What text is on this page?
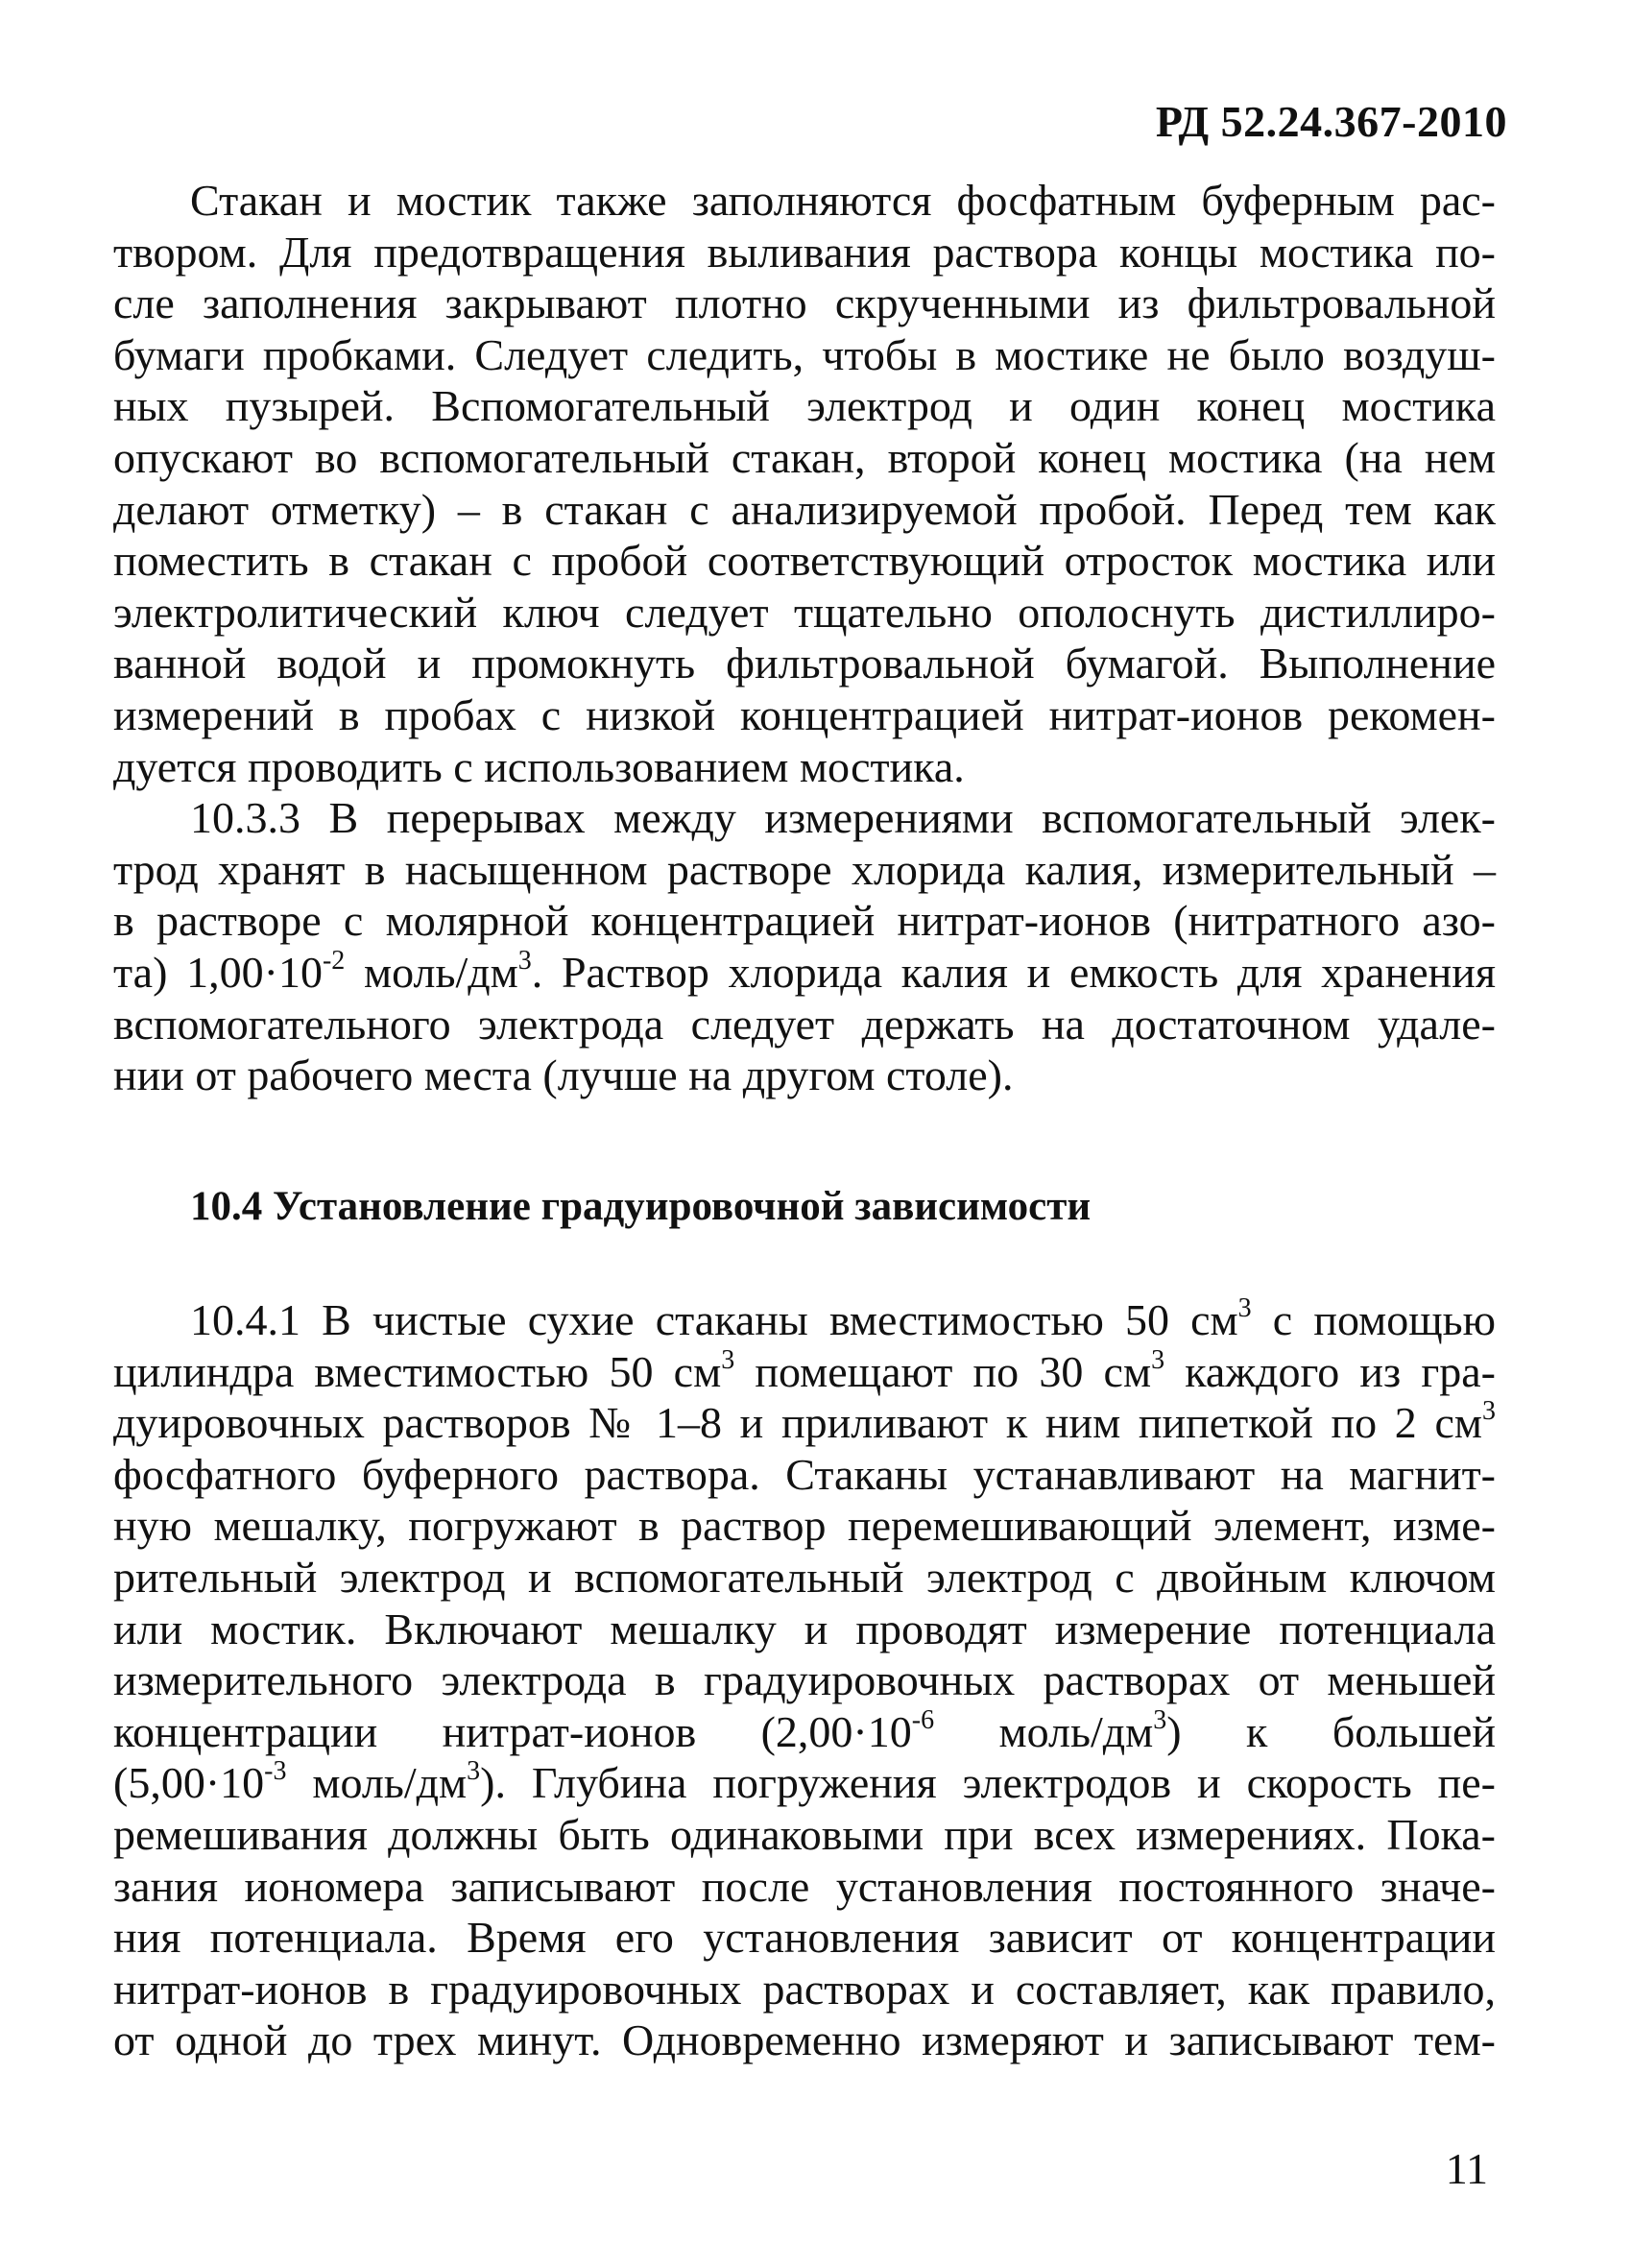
РД 52.24.367-2010
Стакан и мостик также заполняются фосфатным буферным рас-
твором. Для предотвращения выливания раствора концы мостика по-
сле заполнения закрывают плотно скрученными из фильтровальной
бумаги пробками. Следует следить, чтобы в мостике не было воздуш-
ных пузырей. Вспомогательный электрод и один конец мостика
опускают во вспомогательный стакан, второй конец мостика (на нем
делают отметку) – в стакан с анализируемой пробой. Перед тем как
поместить в стакан с пробой соответствующий отросток мостика или
электролитический ключ следует тщательно ополоснуть дистиллиро-
ванной водой и промокнуть фильтровальной бумагой. Выполнение
измерений в пробах с низкой концентрацией нитрат-ионов рекомен-
дуется проводить с использованием мостика.
10.3.3 В перерывах между измерениями вспомогательный элек-
трод хранят в насыщенном растворе хлорида калия, измерительный –
в растворе с молярной концентрацией нитрат-ионов (нитратного азо-
та) $1,00\cdot 10^{-2}$ моль/$дм^3$. Раствор хлорида калия и емкость для хранения
вспомогательного электрода следует держать на достаточном удале-
нии от рабочего места (лучше на другом столе).
10.4 Установление градуировочной зависимости
10.4.1 В чистые сухие стаканы вместимостью 50 $см^3$ с помощью
цилиндра вместимостью 50 $см^3$ помещают по 30 $см^3$ каждого из гра-
дуировочных растворов № 1–8 и приливают к ним пипеткой по 2 $см^3$
фосфатного буферного раствора. Стаканы устанавливают на магнит-
ную мешалку, погружают в раствор перемешивающий элемент, изме-
рительный электрод и вспомогательный электрод с двойным ключом
или мостик. Включают мешалку и проводят измерение потенциала
измерительного электрода в градуировочных растворах от меньшей
концентрации нитрат-ионов ($2,00\cdot 10^{-6}$ моль/$дм^3$) к большей
($5,00\cdot 10^{-3}$ моль/$дм^3$). Глубина погружения электродов и скорость пе-
ремешивания должны быть одинаковыми при всех измерениях. Пока-
зания иономера записывают после установления постоянного значе-
ния потенциала. Время его установления зависит от концентрации
нитрат-ионов в градуировочных растворах и составляет, как правило,
от одной до трех минут. Одновременно измеряют и записывают тем-
11
